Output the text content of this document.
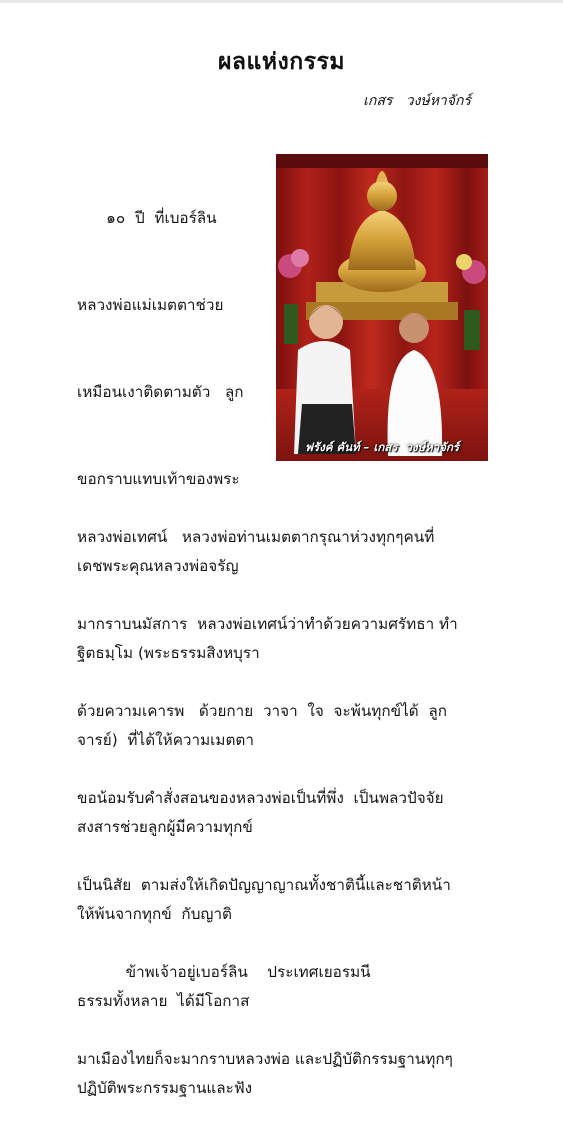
ผลแห่งกรรม
เกสร   วงษ์หาจักร์

๑๐  ปี  ที่เบอร์ลิน

หลวงพ่อแม่เมตตาช่วย

เหมือนเงาติดตามตัว   ลูก

ขอกราบแทบเท้าของพระ

เดชพระคุณหลวงพ่อจรัญ

ฐิตธมฺโม (พระธรรมสิงหบุรา

จารย์)  ที่ได้ให้ความเมตตา

สงสารช่วยลูกผู้มีความทุกข์

ให้พ้นจากทุกข์  กับญาติ

ธรรมทั้งหลาย  ได้มีโอกาส

ปฏิบัติพระกรรมฐานและฟัง

ฟรังค์ คันท์ – เกสร  วงษ์หาจักร์

หลวงพ่อเทศน์   หลวงพ่อท่านเมตตากรุณาห่วงทุกๆคนที่

มากราบนมัสการ  หลวงพ่อเทศน์ว่าทำด้วยความศรัทธา ทำ

ด้วยความเคารพ   ด้วยกาย  วาจา  ใจ  จะพ้นทุกข์ได้  ลูก

ขอน้อมรับคำสั่งสอนของหลวงพ่อเป็นที่พึ่ง  เป็นพลวปัจจัย

เป็นนิสัย  ตามส่งให้เกิดปัญญาญาณทั้งชาตินี้และชาติหน้า

ข้าพเจ้าอยู่เบอร์ลิน    ประเทศเยอรมนี

มาเมืองไทยก็จะมากราบหลวงพ่อ และปฏิบัติกรรมฐานทุกๆ
